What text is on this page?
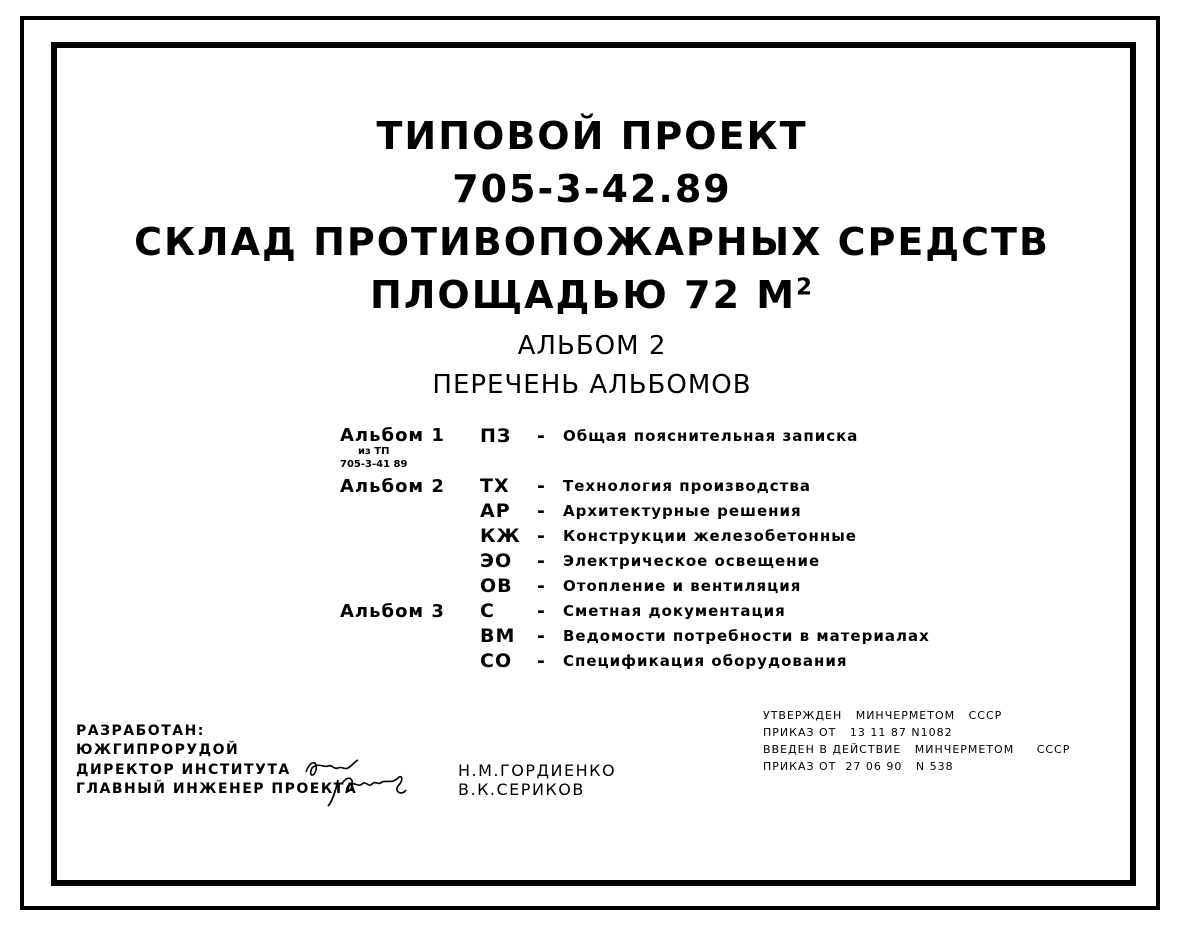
ТИПОВОЙ ПРОЕКТ
705-3-42.89
СКЛАД ПРОТИВОПОЖАРНЫХ СРЕДСТВ
ПЛОЩАДЬЮ 72 $М^2$
АЛЬБОМ 2
ПЕРЕЧЕНЬ АЛЬБОМОВ
Альбом 1
из ТП
705-3-41 89
ПЗ - Общая пояснительная записка
Альбом 2 ТХ - Технология производства
АР - Архитектурные решения
КЖ - Конструкции железобетонные
ЭО - Электрическое освещение
ОВ - Отопление и вентиляция
Альбом 3 С - Сметная документация
ВМ - Ведомости потребности в материалах
СО - Спецификация оборудования
РАЗРАБОТАН:
ЮЖГИПРОРУДОЙ
ДИРЕКТОР ИНСТИТУТА
ГЛАВНЫЙ ИНЖЕНЕР ПРОЕКТА
Н.М.ГОРДИЕНКО
В.К.СЕРИКОВ
УТВЕРЖДЕН   МИНЧЕРМЕТОМ   СССР
ПРИКАЗ ОТ   13 11 87 N1082
ВВЕДЕН В ДЕЙСТВИЕ   МИНЧЕРМЕТОМ     СССР
ПРИКАЗ ОТ  27 06 90   N 538
